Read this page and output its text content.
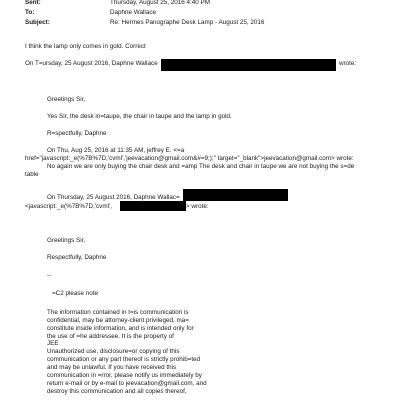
Sent:	Thursday, August 25, 2016 4:40 PM
To:	Daphne Wallace
Subject:	Re: Hermes Panographe Desk Lamp - August 25, 2016
I think the lamp only comes in gold. Correct
On T=ursday, 25 August 2016, Daphne Wallace	wrote:
Greetings Sir,
Yes Sir, the desk in=taupe, the chair in taupe and the lamp in gold.
R=spectfully, Daphne
On Thu, Aug 25, 2016 at 11:35 AM, jeffrey E. <=a
href="javascript:_e(%7B%7D,'cvml','jeevacation@gmail.com&#=9;);" target="_blank">jeevacation@gmail.com> wrote:
No again we are only buying the chair desk and =amp The desk and chair in taupe we are not buying the s=de
table
On Thursday, 25 August 2016, Daphne Wallac=
<javascript:_e(%7B%7D,'cvml',	> wrote:
Greetings Sir,
Respectfully, Daphne
--
=C2 please note
The information contained in t=is communication is
confidential, may be attorney-client privileged, ma=
constitute inside information, and is intended only for
the use of =he addressee. It is the property of
JEE
Unauthorized use, disclosure=or copying of this
communication or any part thereof is strictly prohib=ted
and may be unlawful. If you have received this
communication in =rror, please notify us immediately by
return e-mail or by e-mail to jeevacation@gmail.com, and
destroy this communication and all copies thereof,
